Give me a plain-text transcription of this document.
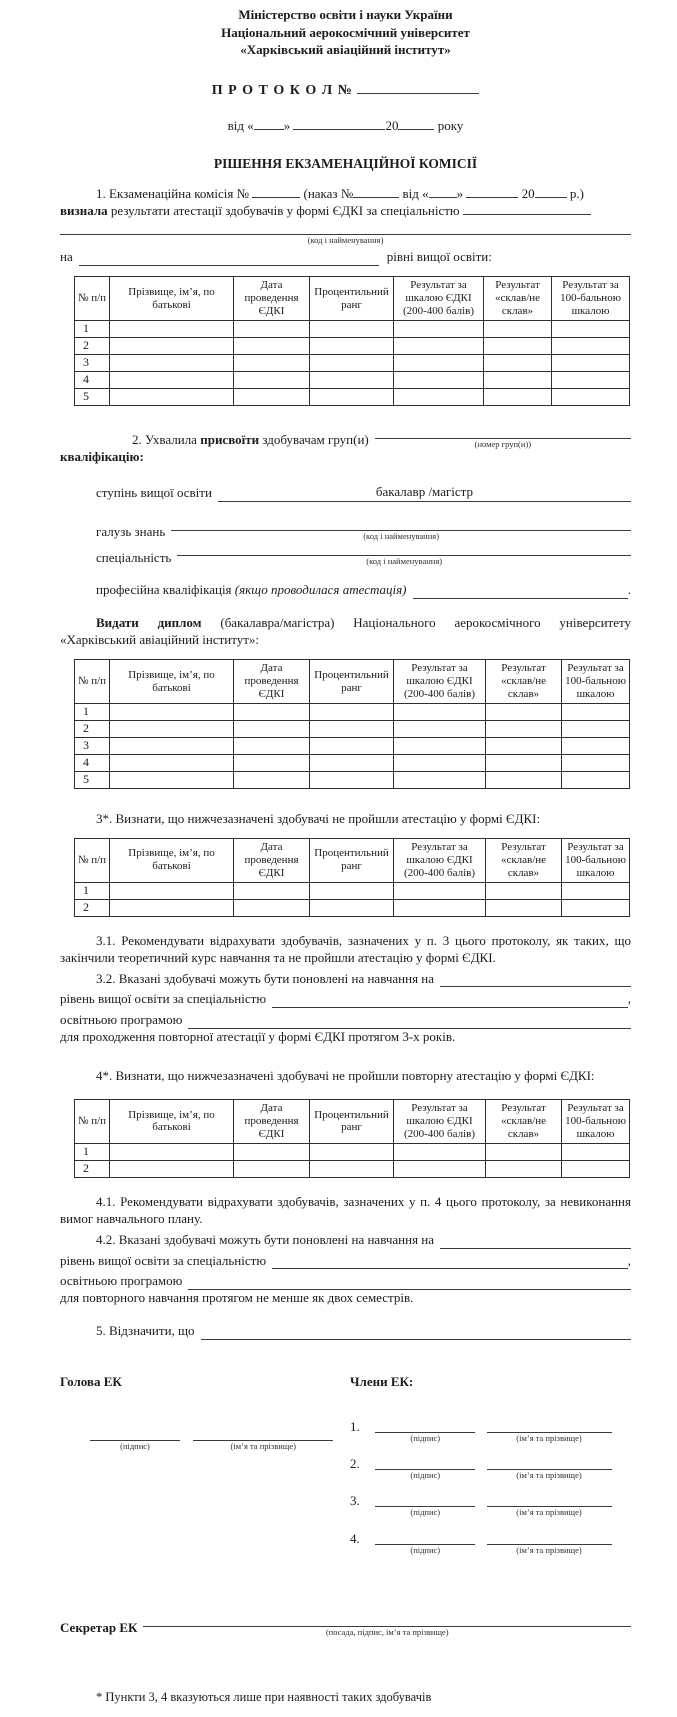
Міністерство освіти і науки України
Національний аерокосмічний університет
«Харківський авіаційний інститут»
П Р О Т О К О Л №
від « »	20	року
РІШЕННЯ ЕКЗАМЕНАЦІЙНОЇ КОМІСІЇ

1. Екзаменаційна комісія №	(наказ №	від « »	20	р.)
визнала результати атестації здобувачів у формі ЄДКІ за спеціальністю

(код і найменування)
на	рівні вищої освіти:
№ п/п	Прізвище, ім’я, по батькові	Дата проведення ЄДКІ	Процентильний ранг	Результат за шкалою ЄДКІ (200-400 балів)	Результат «склав/не склав»	Результат за 100-бальною шкалою
1						
2						
3						
4						
5						
2. Ухвалила присвоїти здобувачам груп(и)	(номер груп(и))
кваліфікацію:
ступінь вищої освіти	бакалавр /магістр
галузь знань	(код і найменування)
спеціальність	(код і найменування)
професійна кваліфікація (якщо проводилася атестація)	.

Видати диплом (бакалавра/магістра) Національного аерокосмічного університету «Харківський авіаційний інститут»:

№ п/п	Прізвище, ім’я, по батькові	Дата проведення ЄДКІ	Процентильний ранг	Результат за шкалою ЄДКІ (200-400 балів)	Результат «склав/не склав»	Результат за 100-бальною шкалою
1						
2						
3						
4						
5						

3*. Визнати, що нижчезазначені здобувачі не пройшли атестацію у формі ЄДКІ:

№ п/п	Прізвище, ім’я, по батькові	Дата проведення ЄДКІ	Процентильний ранг	Результат за шкалою ЄДКІ (200-400 балів)	Результат «склав/не склав»	Результат за 100-бальною шкалою
1						
2						

3.1. Рекомендувати відрахувати здобувачів, зазначених у п. 3 цього протоколу, як таких, що закінчили теоретичний курс навчання та не пройшли атестацію у формі ЄДКІ.

3.2. Вказані здобувачі можуть бути поновлені на навчання на
рівень вищої освіти за спеціальністю	,
освітньою програмою
для проходження повторної атестації у формі ЄДКІ протягом 3-х років.

4*. Визнати, що нижчезазначені здобувачі не пройшли повторну атестацію у формі ЄДКІ:

№ п/п	Прізвище, ім’я, по батькові	Дата проведення ЄДКІ	Процентильний ранг	Результат за шкалою ЄДКІ (200-400 балів)	Результат «склав/не склав»	Результат за 100-бальною шкалою
1						
2						

4.1. Рекомендувати відрахувати здобувачів, зазначених у п. 4 цього протоколу, за невиконання вимог навчального плану.

4.2. Вказані здобувачі можуть бути поновлені на навчання на
рівень вищої освіти за спеціальністю	,
освітньою програмою
для повторного навчання протягом не менше як двох семестрів.
5. Відзначити, що
Голова ЕК
(підпис)
	(ім’я та прізвище)
Члени ЕК:
1.
(підпис)
	(ім’я та прізвище)
2.
(підпис)
	(ім’я та прізвище)
3.
(підпис)
	(ім’я та прізвище)
4.
(підпис)
	(ім’я та прізвище)
Секретар ЕК	(посада, підпис, ім’я та прізвище)
* Пункти 3, 4 вказуються лише при наявності таких здобувачів
